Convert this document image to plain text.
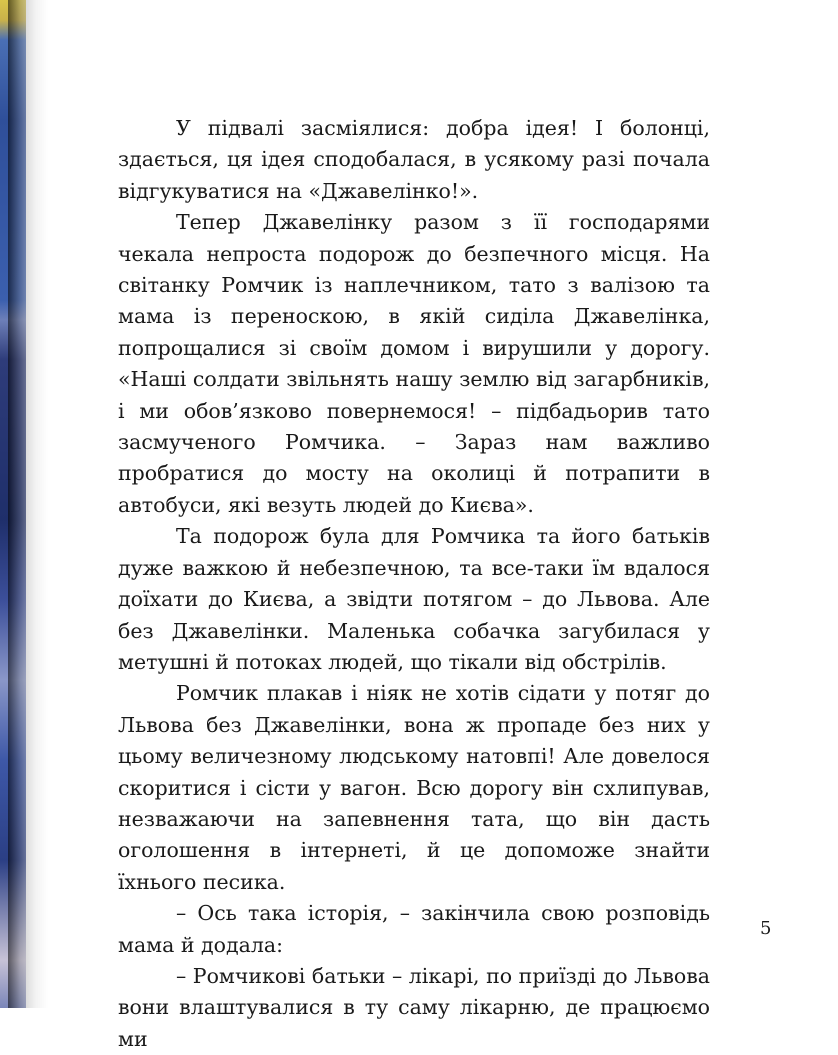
У підвалі засміялися: добра ідея! І болонці, здається, ця ідея сподобалася, в усякому разі почала відгукуватися на «Джавелінко!».

Тепер Джавелінку разом з її господарями чекала непроста подорож до безпечного місця. На світанку Ромчик із наплечником, тато з валізою та мама із переноскою, в якій сиділа Джавелінка, попрощалися зі своїм домом і вирушили у дорогу. «Наші солдати звільнять нашу землю від загарбників, і ми обов’язково повернемося! – підбадьорив тато засмученого Ромчика. – Зараз нам важливо пробратися до мосту на околиці й потрапити в автобуси, які везуть людей до Києва».

Та подорож була для Ромчика та його батьків дуже важкою й небезпечною, та все-таки їм вдалося доїхати до Києва, а звідти потягом – до Львова. Але без Джавелінки. Маленька собачка загубилася у метушні й потоках людей, що тікали від обстрілів.

Ромчик плакав і ніяк не хотів сідати у потяг до Львова без Джавелінки, вона ж пропаде без них у цьому величезному людському натовпі! Але довелося скоритися і сісти у вагон. Всю дорогу він схлипував, незважаючи на запевнення тата, що він дасть оголошення в інтернеті, й це допоможе знайти їхнього песика.

– Ось така історія, – закінчила свою розповідь мама й додала:

– Ромчикові батьки – лікарі, по приїзді до Львова вони влаштувалися в ту саму лікарню, де працюємо ми

5
